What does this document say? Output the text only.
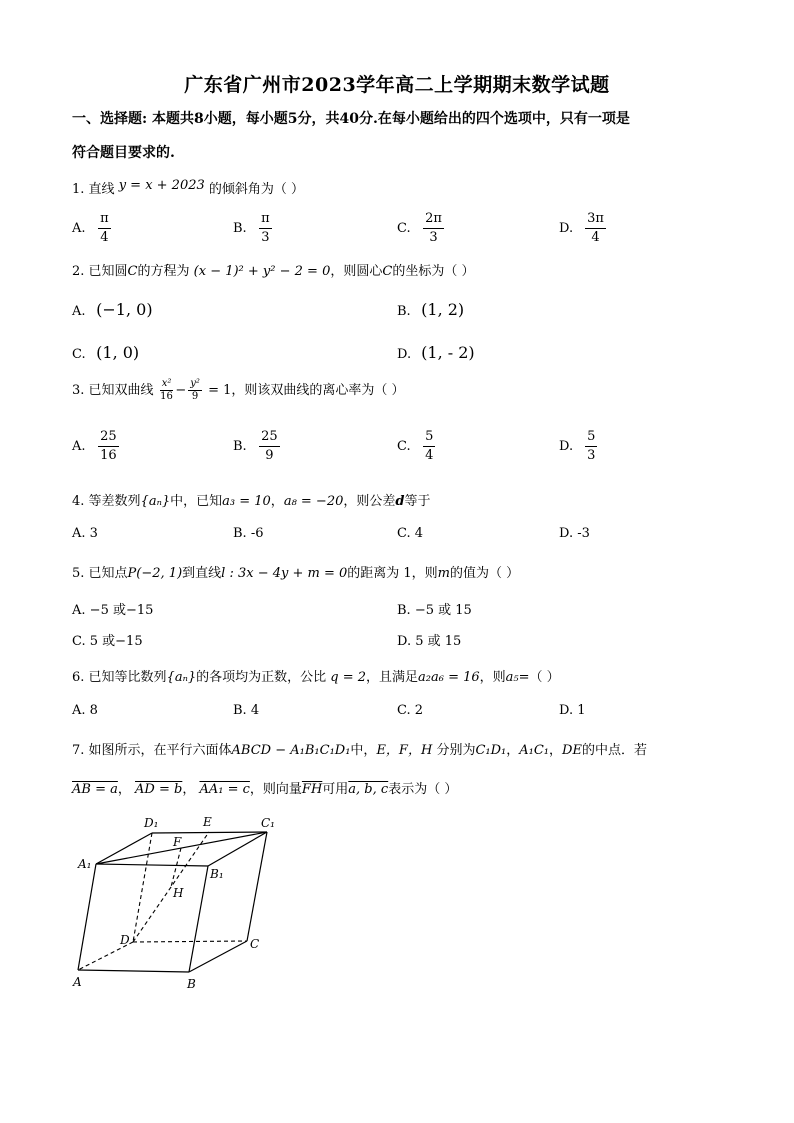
广东省广州市2023学年高二上学期期末数学试题
一、选择题: 本题共8小题，每小题5分，共40分.在每小题给出的四个选项中，只有一项是
符合题目要求的.
1. 直线 y = x + 2023 的倾斜角为（ ）
A. $\frac{\pi}{4}$	B. $\frac{\pi}{3}$	C. $\frac{2\pi}{3}$	D. $\frac{3\pi}{4}$
2. 已知圆C的方程为 (x − 1)² + y² − 2 = 0，则圆心C的坐标为（ ）
A. (−1, 0)	B. (1, 2)
C. (1, 0)	D. (1, - 2)
3. 已知双曲线 $\frac{\text{x²}}{16} - \frac{\text{y²}}{9} = 1$，则该双曲线的离心率为（ ）
A. $\frac{25}{16}$	B. $\frac{25}{9}$	C. $\frac{5}{4}$	D. $\frac{5}{3}$
4. 等差数列{aₙ}中，已知a₃ = 10，a₈ = −20，则公差d等于
A. 3	B. -6	C. 4	D. -3
5. 已知点P(−2, 1)到直线l : 3x − 4y + m = 0的距离为 1，则m的值为（ ）
A. −5 或−15	B. −5 或 15
C. 5 或−15	D. 5 或 15
6. 已知等比数列{aₙ}的各项均为正数，公比 q = 2，且满足a₂a₆ = 16，则a₅=（ ）
A. 8	B. 4	C. 2	D. 1
7. 如图所示，在平行六面体ABCD − A₁B₁C₁D₁中，E，F，H 分别为C₁D₁，A₁C₁，DE的中点．若
AB = a， AD = b， AA₁ = c，则向量$\overline{FH}$可用a, b, c表示为（ ）
D₁	E	C₁
F
A₁
B₁
H
D	C
A	B
